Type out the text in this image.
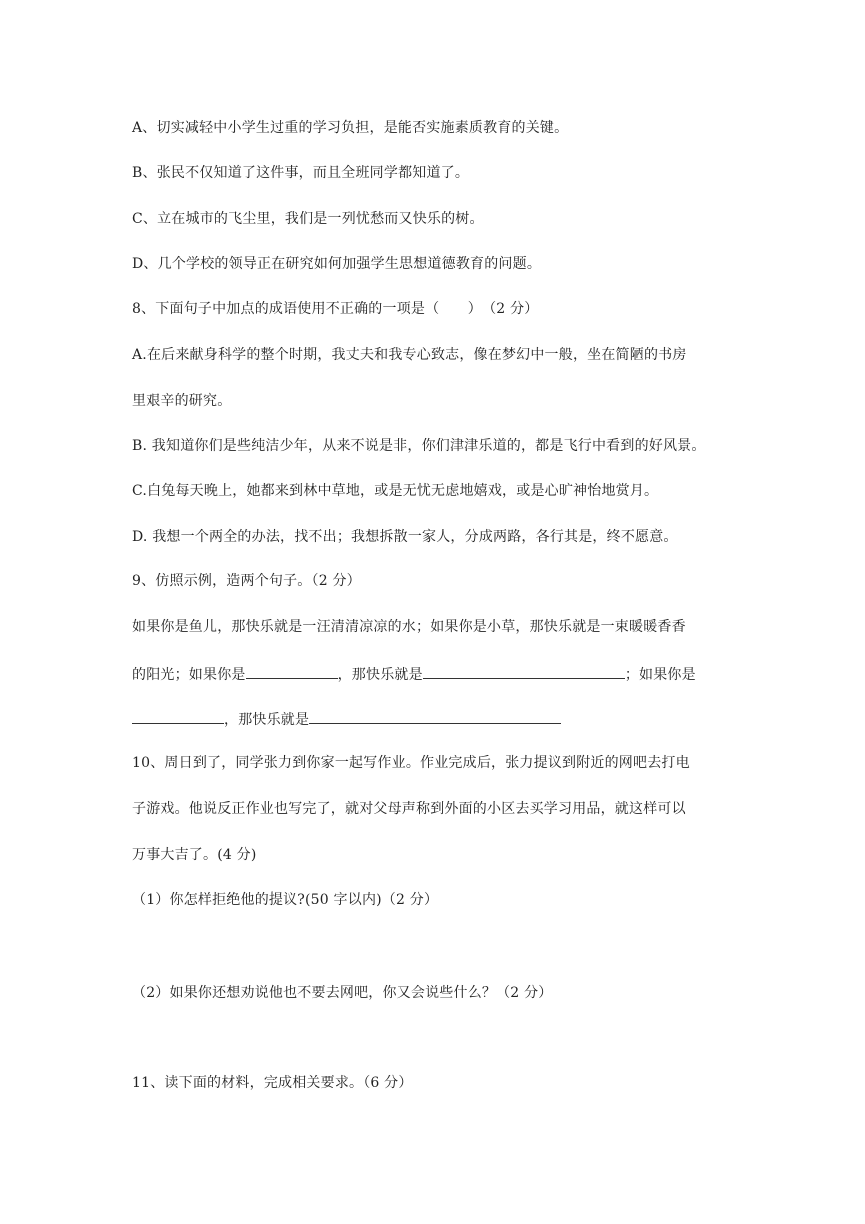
A、切实减轻中小学生过重的学习负担，是能否实施素质教育的关键。
B、张民不仅知道了这件事，而且全班同学都知道了。
C、立在城市的飞尘里，我们是一列忧愁而又快乐的树。
D、几个学校的领导正在研究如何加强学生思想道德教育的问题。
8、下面句子中加点的成语使用不正确的一项是（　　）　（2 分）
A.在后来献身科学的整个时期，我丈夫和我专心致志，像在梦幻中一般，坐在简陋的书房
里艰辛的研究。
B. 我知道你们是些纯洁少年，从来不说是非，你们津津乐道的，都是飞行中看到的好风景。
C.白兔每天晚上，她都来到林中草地，或是无忧无虑地嬉戏，或是心旷神怡地赏月。
D. 我想一个两全的办法，找不出；我想拆散一家人，分成两路，各行其是，终不愿意。
9、仿照示例，造两个句子。（2 分）
如果你是鱼儿，那快乐就是一汪清清凉凉的水；如果你是小草，那快乐就是一束暖暖香香
的阳光；如果你是	，那快乐就是	；如果你是
，那快乐就是
10、周日到了，同学张力到你家一起写作业。作业完成后，张力提议到附近的网吧去打电
子游戏。他说反正作业也写完了，就对父母声称到外面的小区去买学习用品，就这样可以
万事大吉了。(4 分)
（1）你怎样拒绝他的提议?(50 字以内)（2 分）
（2）如果你还想劝说他也不要去网吧，你又会说些什么？（2 分）
11、读下面的材料，完成相关要求。（6 分）
